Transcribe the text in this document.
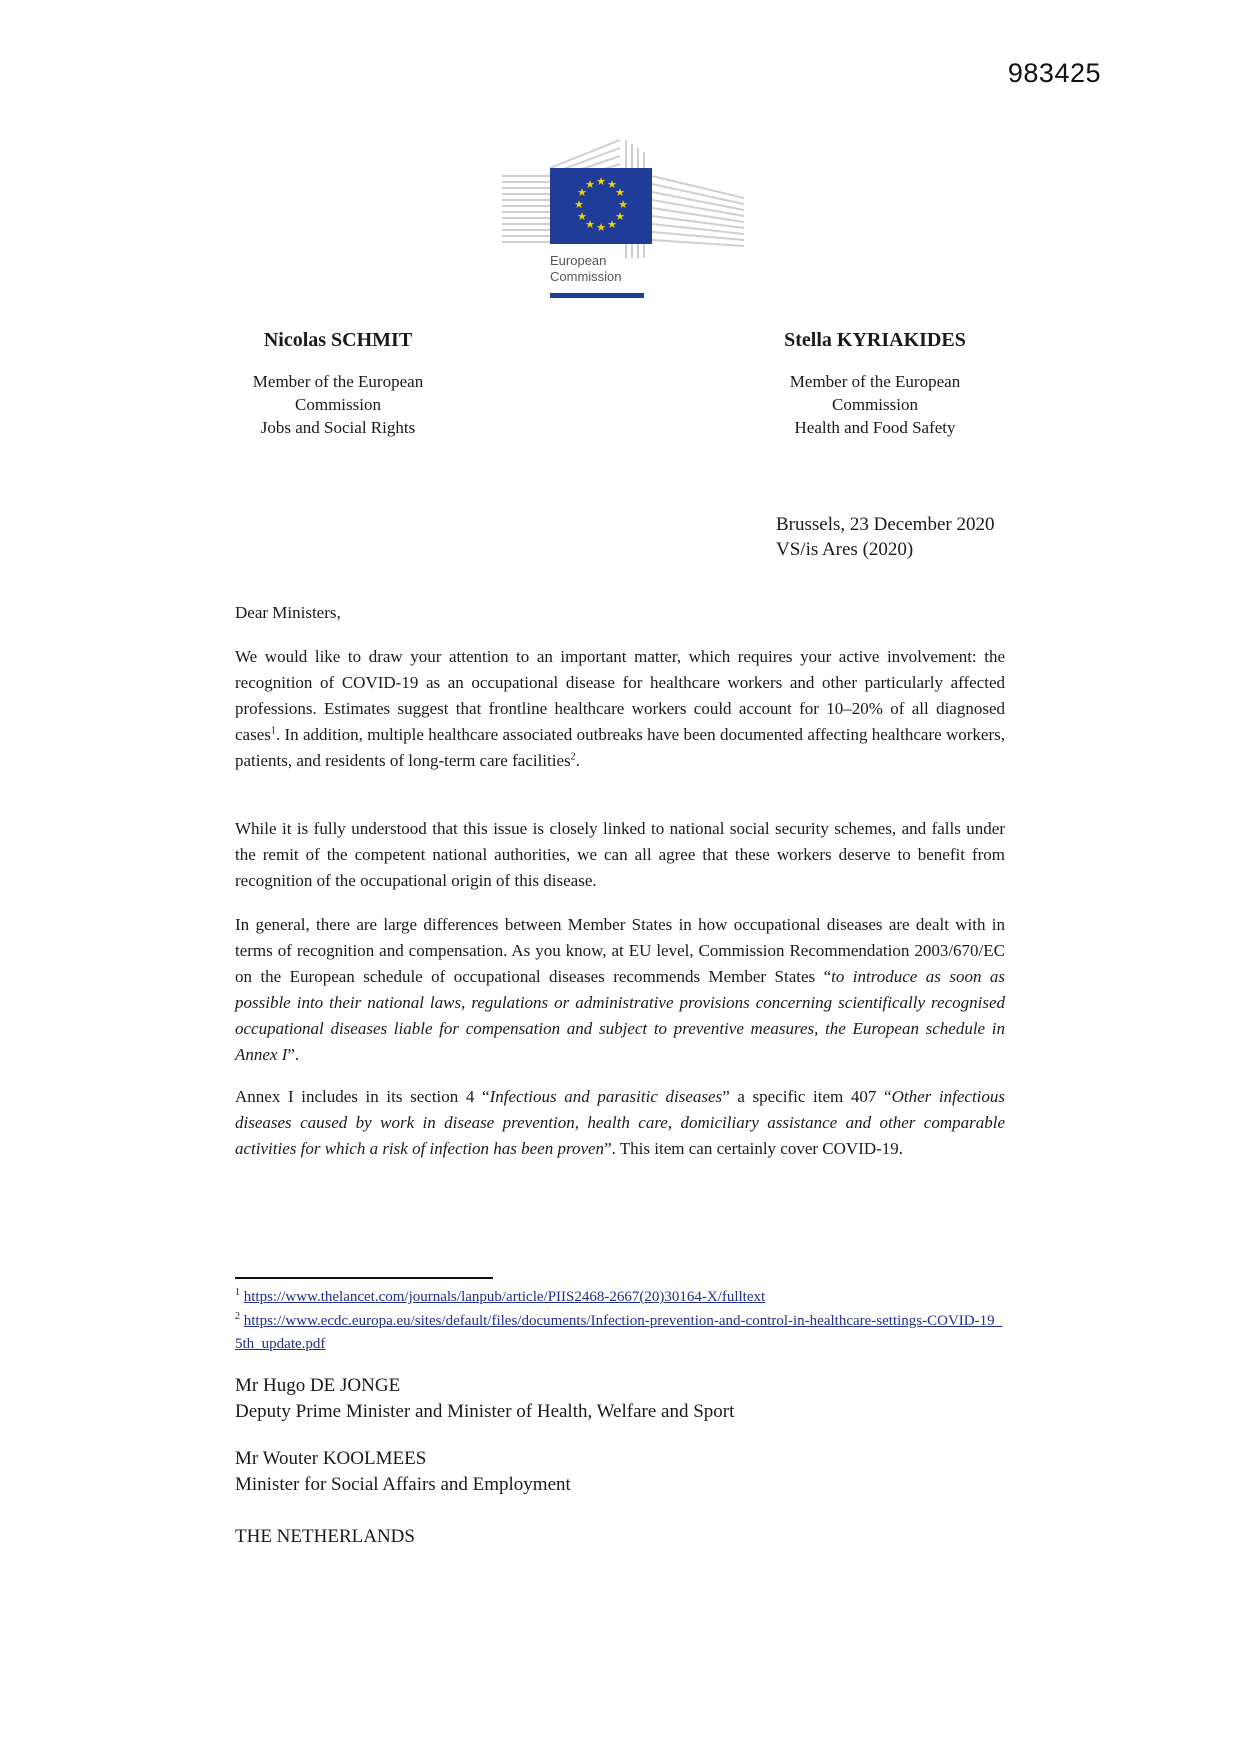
983425
★ ★
★
★
★
★
★
★
★
★
★
★
European
Commission
Nicolas SCHMIT
Member of the European
Commission
Jobs and Social Rights
Stella KYRIAKIDES
Member of the European
Commission
Health and Food Safety
Brussels, 23 December 2020
VS/is Ares (2020)
Dear Ministers,

We would like to draw your attention to an important matter, which requires your active involvement: the recognition of COVID-19 as an occupational disease for healthcare workers and other particularly affected professions. Estimates suggest that frontline healthcare workers could account for 10–20% of all diagnosed cases$^1$. In addition, multiple healthcare associated outbreaks have been documented affecting healthcare workers, patients, and residents of long-term care facilities$^2$.

While it is fully understood that this issue is closely linked to national social security schemes, and falls under the remit of the competent national authorities, we can all agree that these workers deserve to benefit from recognition of the occupational origin of this disease.

In general, there are large differences between Member States in how occupational diseases are dealt with in terms of recognition and compensation. As you know, at EU level, Commission Recommendation 2003/670/EC on the European schedule of occupational diseases recommends Member States “to introduce as soon as possible into their national laws, regulations or administrative provisions concerning scientifically recognised occupational diseases liable for compensation and subject to preventive measures, the European schedule in Annex I”.

Annex I includes in its section 4 “Infectious and parasitic diseases” a specific item 407 “Other infectious diseases caused by work in disease prevention, health care, domiciliary assistance and other comparable activities for which a risk of infection has been proven”. This item can certainly cover COVID-19.

$^1$ https://www.thelancet.com/journals/lanpub/article/PIIS2468-2667(20)30164-X/fulltext
$^2$ https://www.ecdc.europa.eu/sites/default/files/documents/Infection-prevention-and-control-in-healthcare-settings-COVID-19_5th_update.pdf
Mr Hugo DE JONGE
Deputy Prime Minister and Minister of Health, Welfare and Sport
Mr Wouter KOOLMEES
Minister for Social Affairs and Employment
THE NETHERLANDS
